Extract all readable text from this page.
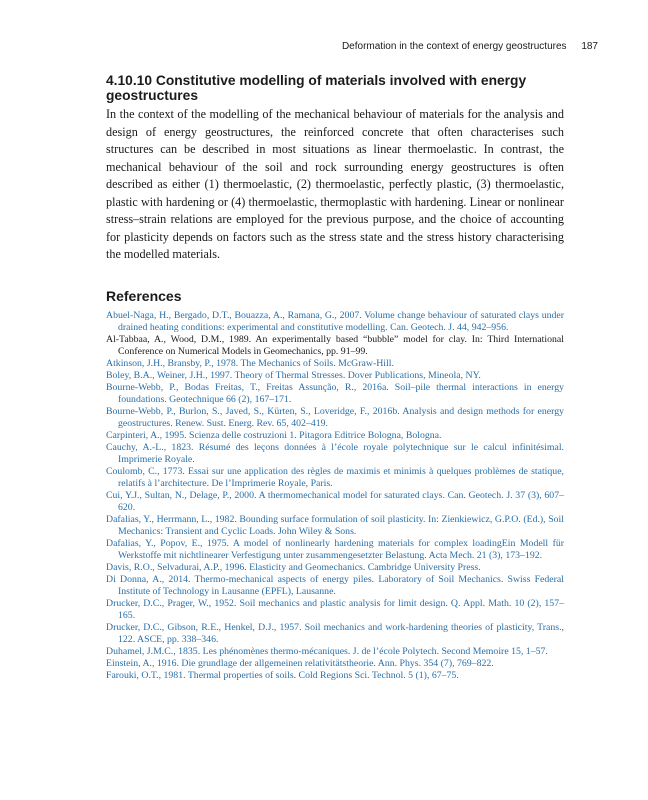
Deformation in the context of energy geostructures 187
4.10.10 Constitutive modelling of materials involved with energy geostructures

In the context of the modelling of the mechanical behaviour of materials for the analysis and design of energy geostructures, the reinforced concrete that often characterises such structures can be described in most situations as linear thermoelastic. In contrast, the mechanical behaviour of the soil and rock surrounding energy geostructures is often described as either (1) thermoelastic, (2) thermoelastic, perfectly plastic, (3) thermoelastic, plastic with hardening or (4) thermoelastic, thermoplastic with hardening. Linear or nonlinear stress–strain relations are employed for the previous purpose, and the choice of accounting for plasticity depends on factors such as the stress state and the stress history characterising the modelled materials.

References
Abuel-Naga, H., Bergado, D.T., Bouazza, A., Ramana, G., 2007. Volume change behaviour of saturated clays under drained heating conditions: experimental and constitutive modelling. Can. Geotech. J. 44, 942–956.
Al-Tabbaa, A., Wood, D.M., 1989. An experimentally based “bubble” model for clay. In: Third International Conference on Numerical Models in Geomechanics, pp. 91–99.
Atkinson, J.H., Bransby, P., 1978. The Mechanics of Soils. McGraw-Hill.
Boley, B.A., Weiner, J.H., 1997. Theory of Thermal Stresses. Dover Publications, Mineola, NY.
Bourne-Webb, P., Bodas Freitas, T., Freitas Assunção, R., 2016a. Soil–pile thermal interactions in energy foundations. Geotechnique 66 (2), 167–171.
Bourne-Webb, P., Burlon, S., Javed, S., Kürten, S., Loveridge, F., 2016b. Analysis and design methods for energy geostructures. Renew. Sust. Energ. Rev. 65, 402–419.
Carpinteri, A., 1995. Scienza delle costruzioni 1. Pitagora Editrice Bologna, Bologna.
Cauchy, A.-L., 1823. Résumé des leçons données à l’école royale polytechnique sur le calcul infinitésimal. Imprimerie Royale.
Coulomb, C., 1773. Essai sur une application des règles de maximis et minimis à quelques problèmes de statique, relatifs à l’architecture. De l’Imprimerie Royale, Paris.
Cui, Y.J., Sultan, N., Delage, P., 2000. A thermomechanical model for saturated clays. Can. Geotech. J. 37 (3), 607–620.
Dafalias, Y., Herrmann, L., 1982. Bounding surface formulation of soil plasticity. In: Zienkiewicz, G.P.O. (Ed.), Soil Mechanics: Transient and Cyclic Loads. John Wiley & Sons.
Dafalias, Y., Popov, E., 1975. A model of nonlinearly hardening materials for complex loadingEin Modell für Werkstoffe mit nichtlinearer Verfestigung unter zusammengesetzter Belastung. Acta Mech. 21 (3), 173–192.
Davis, R.O., Selvadurai, A.P., 1996. Elasticity and Geomechanics. Cambridge University Press.
Di Donna, A., 2014. Thermo-mechanical aspects of energy piles. Laboratory of Soil Mechanics. Swiss Federal Institute of Technology in Lausanne (EPFL), Lausanne.
Drucker, D.C., Prager, W., 1952. Soil mechanics and plastic analysis for limit design. Q. Appl. Math. 10 (2), 157–165.
Drucker, D.C., Gibson, R.E., Henkel, D.J., 1957. Soil mechanics and work-hardening theories of plasticity, Trans., 122. ASCE, pp. 338–346.
Duhamel, J.M.C., 1835. Les phénomènes thermo-mécaniques. J. de l’école Polytech. Second Memoire 15, 1–57.
Einstein, A., 1916. Die grundlage der allgemeinen relativitätstheorie. Ann. Phys. 354 (7), 769–822.
Farouki, O.T., 1981. Thermal properties of soils. Cold Regions Sci. Technol. 5 (1), 67–75.
